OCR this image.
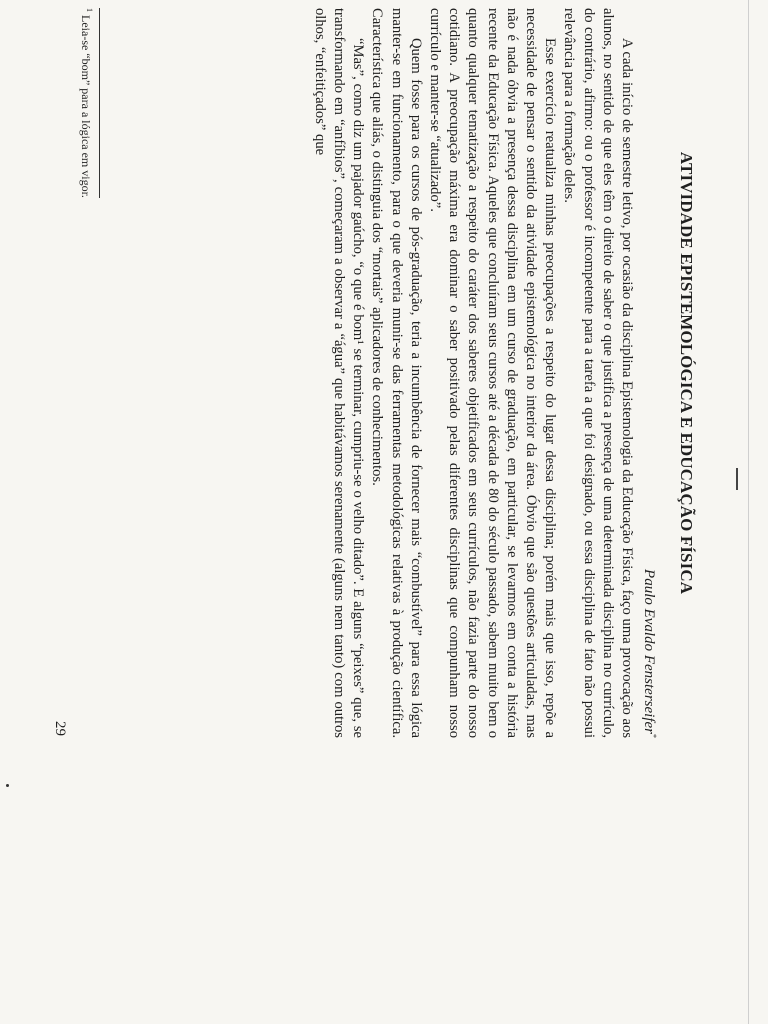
ATIVIDADE EPISTEMOLÓGICA E EDUCAÇÃO FÍSICA
Paulo Evaldo Fensterseifer*

A cada início de semestre letivo, por ocasião da disciplina Epistemologia da Educação Física, faço uma provocação aos alunos, no sentido de que eles têm o direito de saber o que justifica a presença de uma determinada disciplina no currículo, do contrário, afirmo: ou o professor é incompetente para a tarefa a que foi designado, ou essa disciplina de fato não possui relevância para a formação deles.

Esse exercício reatualiza minhas preocupações a respeito do lugar dessa disciplina; porém mais que isso, repõe a necessidade de pensar o sentido da atividade epistemológica no interior da área. Óbvio que são questões articuladas, mas não é nada óbvia a presença dessa disciplina em um curso de graduação, em particular, se levarmos em conta a história recente da Educação Física. Aqueles que concluíram seus cursos até a década de 80 do século passado, sabem muito bem o quanto qualquer tematização a respeito do caráter dos saberes objetificados em seus currículos, não fazia parte do nosso cotidiano. A preocupação máxima era dominar o saber positivado pelas diferentes disciplinas que compunham nosso currículo e manter-se “atualizado”.

Quem fosse para os cursos de pós-graduação, teria a incumbência de fornecer mais “combustível” para essa lógica manter-se em funcionamento, para o que deveria munir-se das ferramentas metodológicas relativas à produção científica. Característica que aliás, o distinguia dos “mortais” aplicadores de conhecimentos.

“Mas”, como diz um pajador gaúcho, “o que é bom¹ se terminar, cumpriu-se o velho ditado”. E alguns “peixes” que, se transformando em “anfíbios”, começaram a observar a “água” que habitávamos serenamente (alguns nem tanto) com outros olhos, “enfeitiçados” que

$^1$ Leia-se “bom” para a lógica em vigor.
29
